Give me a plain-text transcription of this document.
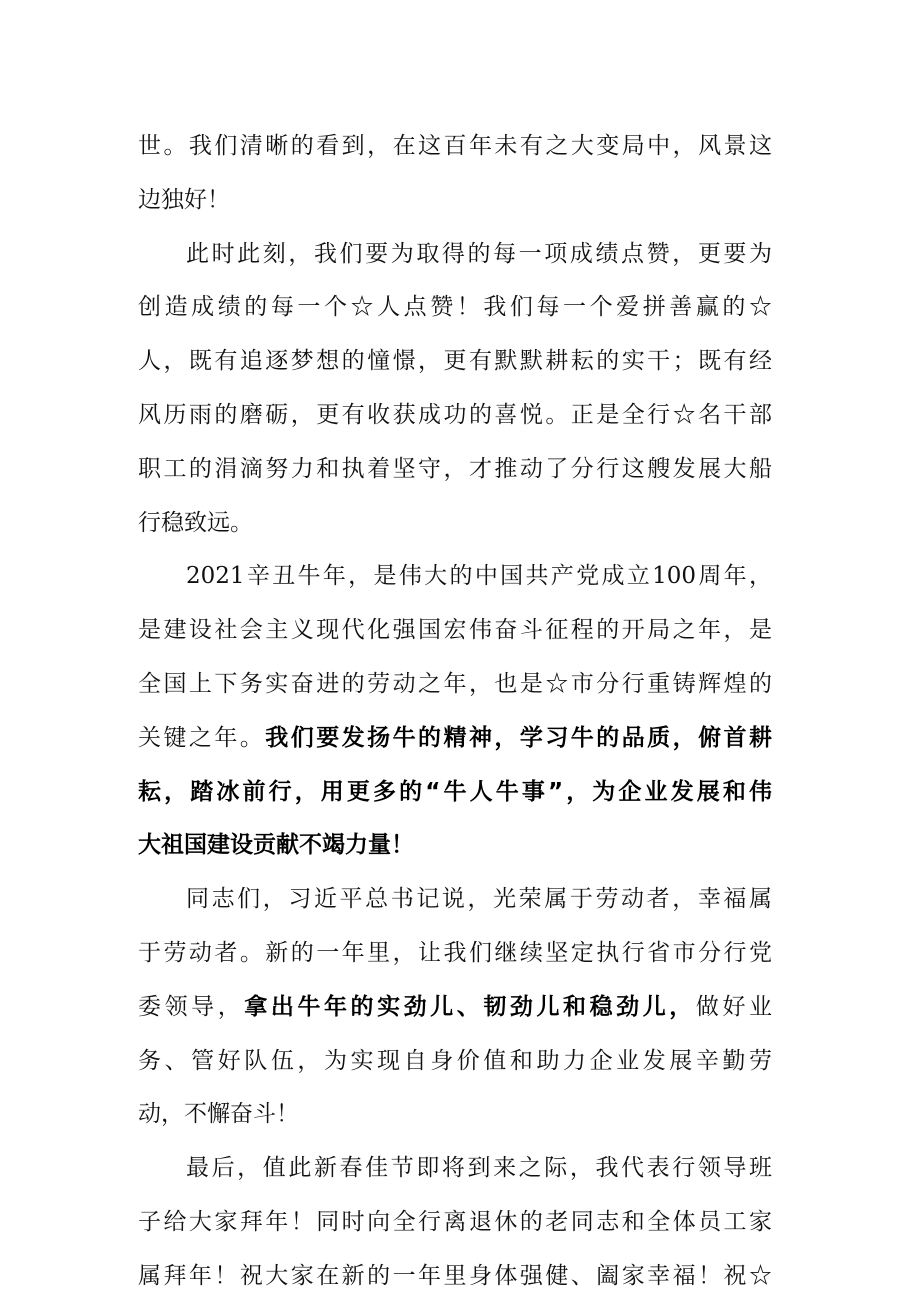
世。我们清晰的看到，在这百年未有之大变局中，风景这
边独好！
此时此刻，我们要为取得的每一项成绩点赞，更要为
创造成绩的每一个☆人点赞！我们每一个爱拼善赢的☆
人，既有追逐梦想的憧憬，更有默默耕耘的实干；既有经
风历雨的磨砺，更有收获成功的喜悦。正是全行☆名干部
职工的涓滴努力和执着坚守，才推动了分行这艘发展大船
行稳致远。
2021辛丑牛年，是伟大的中国共产党成立100周年，
是建设社会主义现代化强国宏伟奋斗征程的开局之年，是
全国上下务实奋进的劳动之年，也是☆市分行重铸辉煌的
关键之年。我们要发扬牛的精神，学习牛的品质，俯首耕
耘，踏冰前行，用更多的“牛人牛事”，为企业发展和伟
大祖国建设贡献不竭力量！
同志们，习近平总书记说，光荣属于劳动者，幸福属
于劳动者。新的一年里，让我们继续坚定执行省市分行党
委领导，拿出牛年的实劲儿、韧劲儿和稳劲儿，做好业
务、管好队伍，为实现自身价值和助力企业发展辛勤劳
动，不懈奋斗！
最后，值此新春佳节即将到来之际，我代表行领导班
子给大家拜年！同时向全行离退休的老同志和全体员工家
属拜年！祝大家在新的一年里身体强健、阖家幸福！祝☆
